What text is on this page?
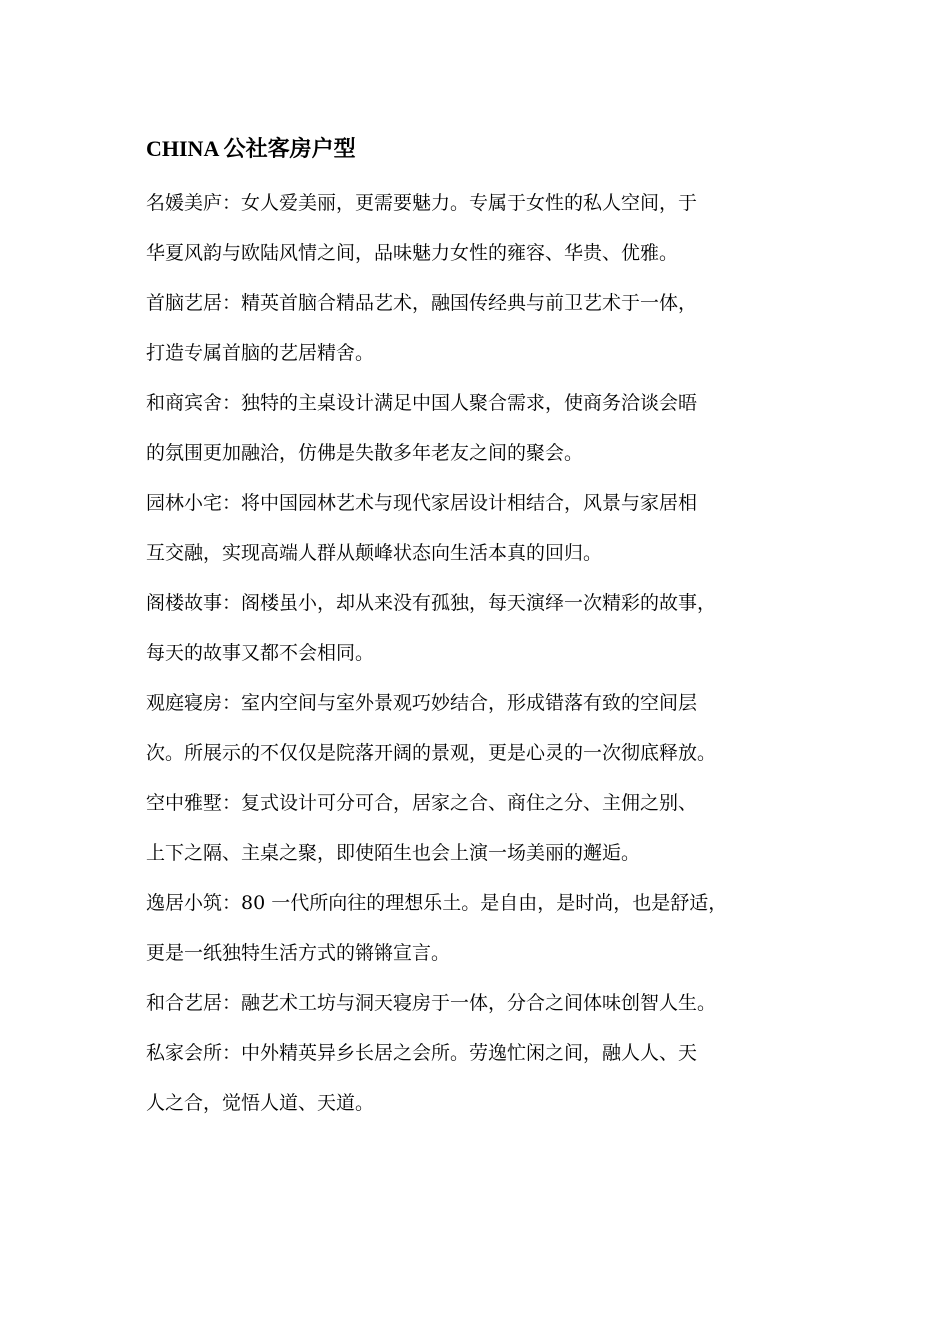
CHINA 公社客房户型

名媛美庐：女人爱美丽，更需要魅力。专属于女性的私人空间，于
华夏风韵与欧陆风情之间，品味魅力女性的雍容、华贵、优雅。

首脑艺居：精英首脑合精品艺术，融国传经典与前卫艺术于一体，
打造专属首脑的艺居精舍。

和商宾舍：独特的主桌设计满足中国人聚合需求，使商务洽谈会晤
的氛围更加融洽，仿佛是失散多年老友之间的聚会。

园林小宅：将中国园林艺术与现代家居设计相结合，风景与家居相
互交融，实现高端人群从颠峰状态向生活本真的回归。

阁楼故事：阁楼虽小，却从来没有孤独，每天演绎一次精彩的故事，
每天的故事又都不会相同。

观庭寝房：室内空间与室外景观巧妙结合，形成错落有致的空间层
次。所展示的不仅仅是院落开阔的景观，更是心灵的一次彻底释放。

空中雅墅：复式设计可分可合，居家之合、商住之分、主佣之别、
上下之隔、主桌之聚，即使陌生也会上演一场美丽的邂逅。

逸居小筑：80 一代所向往的理想乐土。是自由，是时尚，也是舒适，
更是一纸独特生活方式的锵锵宣言。

和合艺居：融艺术工坊与洞天寝房于一体，分合之间体味创智人生。

私家会所：中外精英异乡长居之会所。劳逸忙闲之间，融人人、天
人之合，觉悟人道、天道。
